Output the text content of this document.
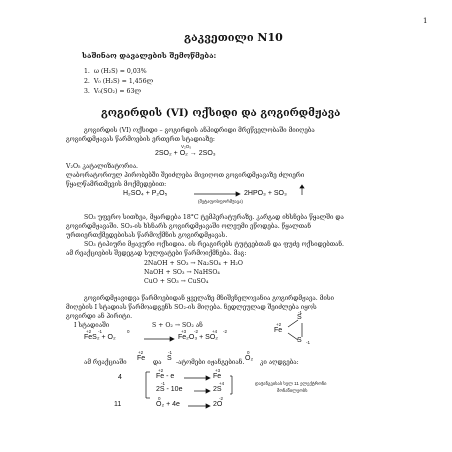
1
გაკვეთილი N10
საშინაო დავალების შემოწმება:
1.  ω (H₂S) = 0,03%
2.  V₀ (H₂S) = 1,456ლ
3.  V₀(SO₂) = 63ლ
გოგირდის (VI) ოქსიდი და გოგირდმჟავა
გოგირდის (VI) ოქსიდი – გოგირდის ანჰიდრიდი მრეწველობაში მიიღება
გოგირდმჟავას წარმოების ერთერთ სტადიაზე:
V₂O₅
2SO₂ + O₂ → 2SO₃
V₂O₅ კატალიზატორია.
ლაბორატორიულ პირობებში შეიძლება მივიღოთ გოგირდმჟავაზე ძლიერი
წყალწამრთმევის მოქმედებით:
H₂SO₄ + P₂O₅	2HPO₃ + SO₃
(მეტაფოსფორმჟავა)
SO₃ უფერო სითხეა, მყარდება 18°C ტემპერატურაზე. კარგად იხსნება წყალში და
გოგირდმჟავაში. SO₃-ის ხსნარს გოგირდმჟავაში ოლეუმი ეწოდება. წყალთან
ურთიერთქმედებისას წარმოქმნის გოგირდმჟავას.
SO₃ ტიპიური მჟავური ოქსიდია. ის რეაგირებს ტუტეებთან და ფუძე ოქსიდებთან.
ამ რეაქციების შედეგად სულფატები წარმოიქმნება. მაგ:
2NaOH + SO₃ → Na₂SO₄ + H₂O
NaOH + SO₃ → NaHSO₄
CuO + SO₃ → CuSO₄
გოგირდმჟავიდვა წარმოებიდან ყველაზე მნიშვნელოვანია გოგირდმჟავა. მისი
მიღების I სტადიას წარმოადგენს SO₂-ის მიღება. ნედლეულად შეიძლება იყოს
გოგირდი ან პირიტი.
I სტადიაში	S + O₂ → SO₂ ან
+2 -1	0
FeS₂ + O₂
+3 -2	+4 -2
Fe₂O₃ + SO₂
-1
S
+2
Fe
S -1
ამ რეაქციაში
+2
Fe
და
-1
S
-ატომები იჟანგებიან.
0
O₂
კი აღდგება:
4
+2
Fe - e
+3
Fe
-1
2S - 10e
+4
2S
11
0
O₂ + 4e
-2
2O
დაჟანგვისას სულ 11 ელექტრონი
მონაწილეობს
